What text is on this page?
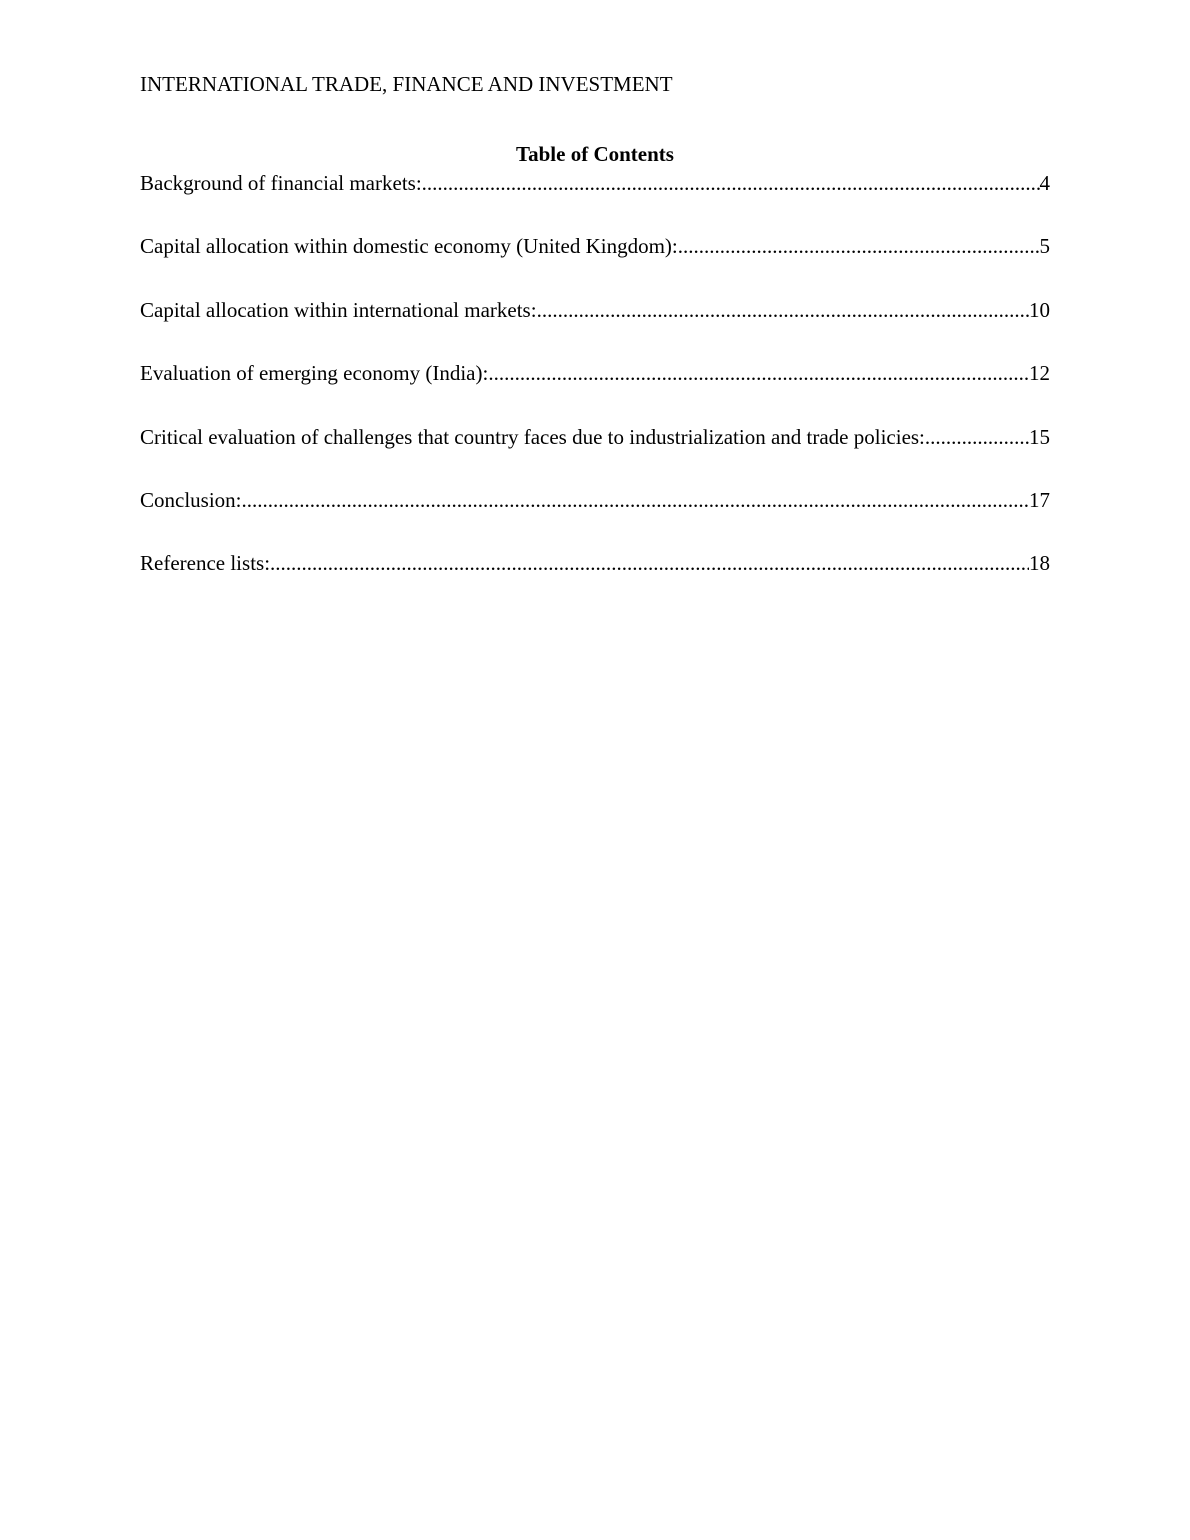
INTERNATIONAL TRADE, FINANCE AND INVESTMENT
Table of Contents
Background of financial markets: .....	4
Capital allocation within domestic economy (United Kingdom): .....	5
Capital allocation within international markets: .....	10
Evaluation of emerging economy (India): .....	12
Critical evaluation of challenges that country faces due to industrialization and trade policies: .....	15
Conclusion: .....	17
Reference lists: .....	18
